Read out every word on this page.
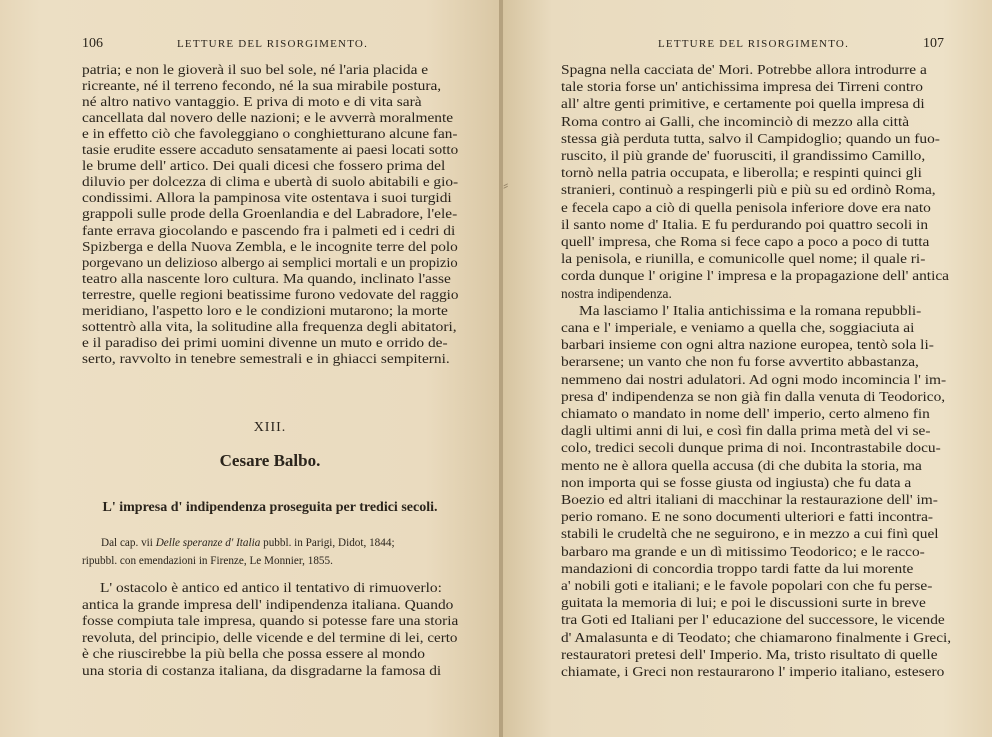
106	LETTURE DEL RISORGIMENTO.
patria; e non le gioverà il suo bel sole, né l'aria placida e
ricreante, né il terreno fecondo, né la sua mirabile postura,
né altro nativo vantaggio. E priva di moto e di vita sarà
cancellata dal novero delle nazioni; e le avverrà moralmente
e in effetto ciò che favoleggiano o conghietturano alcune fan-
tasie erudite essere accaduto sensatamente ai paesi locati sotto
le brume dell' artico. Dei quali dicesi che fossero prima del
diluvio per dolcezza di clima e ubertà di suolo abitabili e gio-
condissimi. Allora la pampinosa vite ostentava i suoi turgidi
grappoli sulle prode della Groenlandia e del Labradore, l'ele-
fante errava giocolando e pascendo fra i palmeti ed i cedri di
Spizberga e della Nuova Zembla, e le incognite terre del polo
porgevano un delizioso albergo ai semplici mortali e un propizio
teatro alla nascente loro cultura. Ma quando, inclinato l'asse
terrestre, quelle regioni beatissime furono vedovate del raggio
meridiano, l'aspetto loro e le condizioni mutarono; la morte
sottentrò alla vita, la solitudine alla frequenza degli abitatori,
e il paradiso dei primi uomini divenne un muto e orrido de-
serto, ravvolto in tenebre semestrali e in ghiacci sempiterni.
XIII.
Cesare Balbo.
L' impresa d' indipendenza proseguita per tredici secoli.
Dal cap. vii Delle speranze d' Italia pubbl. in Parigi, Didot, 1844;
ripubbl. con emendazioni in Firenze, Le Monnier, 1855.
L' ostacolo è antico ed antico il tentativo di rimuoverlo:
antica la grande impresa dell' indipendenza italiana. Quando
fosse compiuta tale impresa, quando si potesse fare una storia
revoluta, del principio, delle vicende e del termine di lei, certo
è che riuscirebbe la più bella che possa essere al mondo
una storia di costanza italiana, da disgradarne la famosa di
LETTURE DEL RISORGIMENTO.	107
Spagna nella cacciata de' Mori. Potrebbe allora introdurre a
tale storia forse un' antichissima impresa dei Tirreni contro
all' altre genti primitive, e certamente poi quella impresa di
Roma contro ai Galli, che incominciò di mezzo alla città
stessa già perduta tutta, salvo il Campidoglio; quando un fuo-
ruscito, il più grande de' fuorusciti, il grandissimo Camillo,
tornò nella patria occupata, e liberolla; e respinti quinci gli
stranieri, continuò a respingerli più e più su ed ordinò Roma,
e fecela capo a ciò di quella penisola inferiore dove era nato
il santo nome d' Italia. E fu perdurando poi quattro secoli in
quell' impresa, che Roma si fece capo a poco a poco di tutta
la penisola, e riunilla, e comunicolle quel nome; il quale ri-
corda dunque l' origine l' impresa e la propagazione dell' antica
nostra indipendenza.
Ma lasciamo l' Italia antichissima e la romana repubbli-
cana e l' imperiale, e veniamo a quella che, soggiaciuta ai
barbari insieme con ogni altra nazione europea, tentò sola li-
berarsene; un vanto che non fu forse avvertito abbastanza,
nemmeno dai nostri adulatori. Ad ogni modo incomincia l' im-
presa d' indipendenza se non già fin dalla venuta di Teodorico,
chiamato o mandato in nome dell' imperio, certo almeno fin
dagli ultimi anni di lui, e così fin dalla prima metà del vi se-
colo, tredici secoli dunque prima di noi. Incontrastabile docu-
mento ne è allora quella accusa (di che dubita la storia, ma
non importa qui se fosse giusta od ingiusta) che fu data a
Boezio ed altri italiani di macchinar la restaurazione dell' im-
perio romano. E ne sono documenti ulteriori e fatti incontra-
stabili le crudeltà che ne seguirono, e in mezzo a cui finì quel
barbaro ma grande e un dì mitissimo Teodorico; e le racco-
mandazioni di concordia troppo tardi fatte da lui morente
a' nobili goti e italiani; e le favole popolari con che fu perse-
guitata la memoria di lui; e poi le discussioni surte in breve
tra Goti ed Italiani per l' educazione del successore, le vicende
d' Amalasunta e di Teodato; che chiamarono finalmente i Greci,
restauratori pretesi dell' Imperio. Ma, tristo risultato di quelle
chiamate, i Greci non restaurarono l' imperio italiano, estesero
⸗
